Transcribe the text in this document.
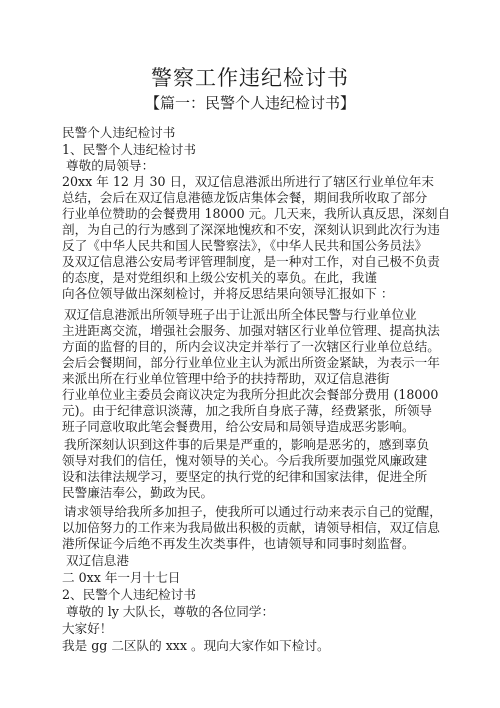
警察工作违纪检讨书
【篇一：民警个人违纪检讨书】
民警个人违纪检讨书
1、民警个人违纪检讨书
尊敬的局领导：
20xx 年 12 月 30 日，双辽信息港派出所进行了辖区行业单位年末
总结，会后在双辽信息港德龙饭店集体会餐，期间我所收取了部分
行业单位赞助的会餐费用 18000 元。几天来，我所认真反思，深刻自
剖，为自己的行为感到了深深地愧疚和不安，深刻认识到此次行为违
反了《中华人民共和国人民警察法》，《中华人民共和国公务员法》
及双辽信息港公安局考评管理制度，是一种对工作，对自己极不负责
的态度，是对党组织和上级公安机关的辜负。在此，我谨
向各位领导做出深刻检讨，并将反思结果向领导汇报如下 ：
双辽信息港派出所领导班子出于让派出所全体民警与行业单位业
主进距离交流，增强社会服务、加强对辖区行业单位管理、提高执法
方面的监督的目的，所内会议决定并举行了一次辖区行业单位总结。
会后会餐期间，部分行业单位业主认为派出所资金紧缺，为表示一年
来派出所在行业单位管理中给予的扶持帮助，双辽信息港街
行业单位业主委员会商议决定为我所分担此次会餐部分费用 (18000
元)。由于纪律意识淡薄，加之我所自身底子薄，经费紧张，所领导
班子同意收取此笔会餐费用，给公安局和局领导造成恶劣影响。
我所深刻认识到这件事的后果是严重的，影响是恶劣的，感到辜负
领导对我们的信任，愧对领导的关心。今后我所要加强党风廉政建
设和法律法规学习，要坚定的执行党的纪律和国家法律，促进全所
民警廉洁奉公，勤政为民。
请求领导给我所多加担子，使我所可以通过行动来表示自己的觉醒，
以加倍努力的工作来为我局做出积极的贡献，请领导相信，双辽信息
港所保证今后绝不再发生次类事件，也请领导和同事时刻监督。
双辽信息港
二 0xx 年一月十七日
2、民警个人违纪检讨书
尊敬的 ly 大队长，尊敬的各位同学：
大家好！
我是 gg 二区队的 xxx 。现向大家作如下检讨。
